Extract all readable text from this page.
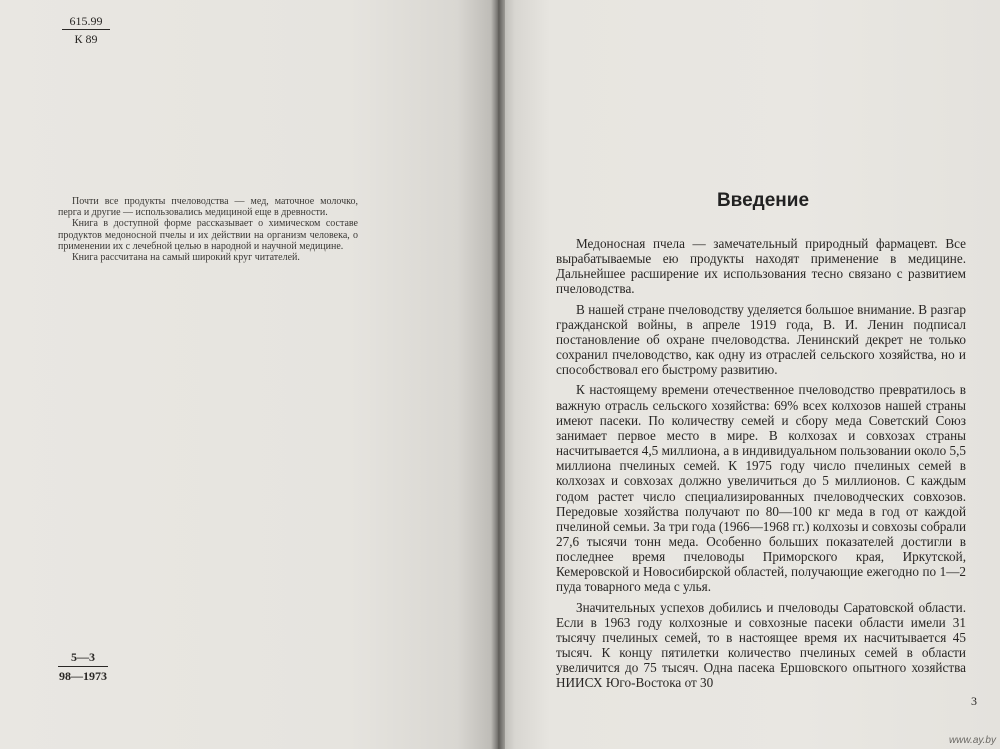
615.99
К 89

Почти все продукты пчеловодства — мед, маточное молочко, перга и другие — использовались медициной еще в древности.

Книга в доступной форме рассказывает о химическом составе продуктов медоносной пчелы и их действии на организм человека, о применении их с лечебной целью в народной и научной медицине.

Книга рассчитана на самый широкий круг читателей.

5—3
98—1973
Введение

Медоносная пчела — замечательный природный фармацевт. Все вырабатываемые ею продукты находят применение в медицине. Дальнейшее расширение их использования тесно связано с развитием пчеловодства.

В нашей стране пчеловодству уделяется большое внимание. В разгар гражданской войны, в апреле 1919 года, В. И. Ленин подписал постановление об охране пчеловодства. Ленинский декрет не только сохранил пчеловодство, как одну из отраслей сельского хозяйства, но и способствовал его быстрому развитию.

К настоящему времени отечественное пчеловодство превратилось в важную отрасль сельского хозяйства: 69% всех колхозов нашей страны имеют пасеки. По количеству семей и сбору меда Советский Союз занимает первое место в мире. В колхозах и совхозах страны насчитывается 4,5 миллиона, а в индивидуальном пользовании около 5,5 миллиона пчелиных семей. К 1975 году число пчелиных семей в колхозах и совхозах должно увеличиться до 5 миллионов. С каждым годом растет число специализированных пчеловодческих совхозов. Передовые хозяйства получают по 80—100 кг меда в год от каждой пчелиной семьи. За три года (1966—1968 гг.) колхозы и совхозы собрали 27,6 тысячи тонн меда. Особенно больших показателей достигли в последнее время пчеловоды Приморского края, Иркутской, Кемеровской и Новосибирской областей, получающие ежегодно по 1—2 пуда товарного меда с улья.

Значительных успехов добились и пчеловоды Саратовской области. Если в 1963 году колхозные и совхозные пасеки области имели 31 тысячу пчелиных семей, то в настоящее время их насчитывается 45 тысяч. К концу пятилетки количество пчелиных семей в области увеличится до 75 тысяч. Одна пасека Ершовского опытного хозяйства НИИСХ Юго-Востока от 30

3
www.ay.by
